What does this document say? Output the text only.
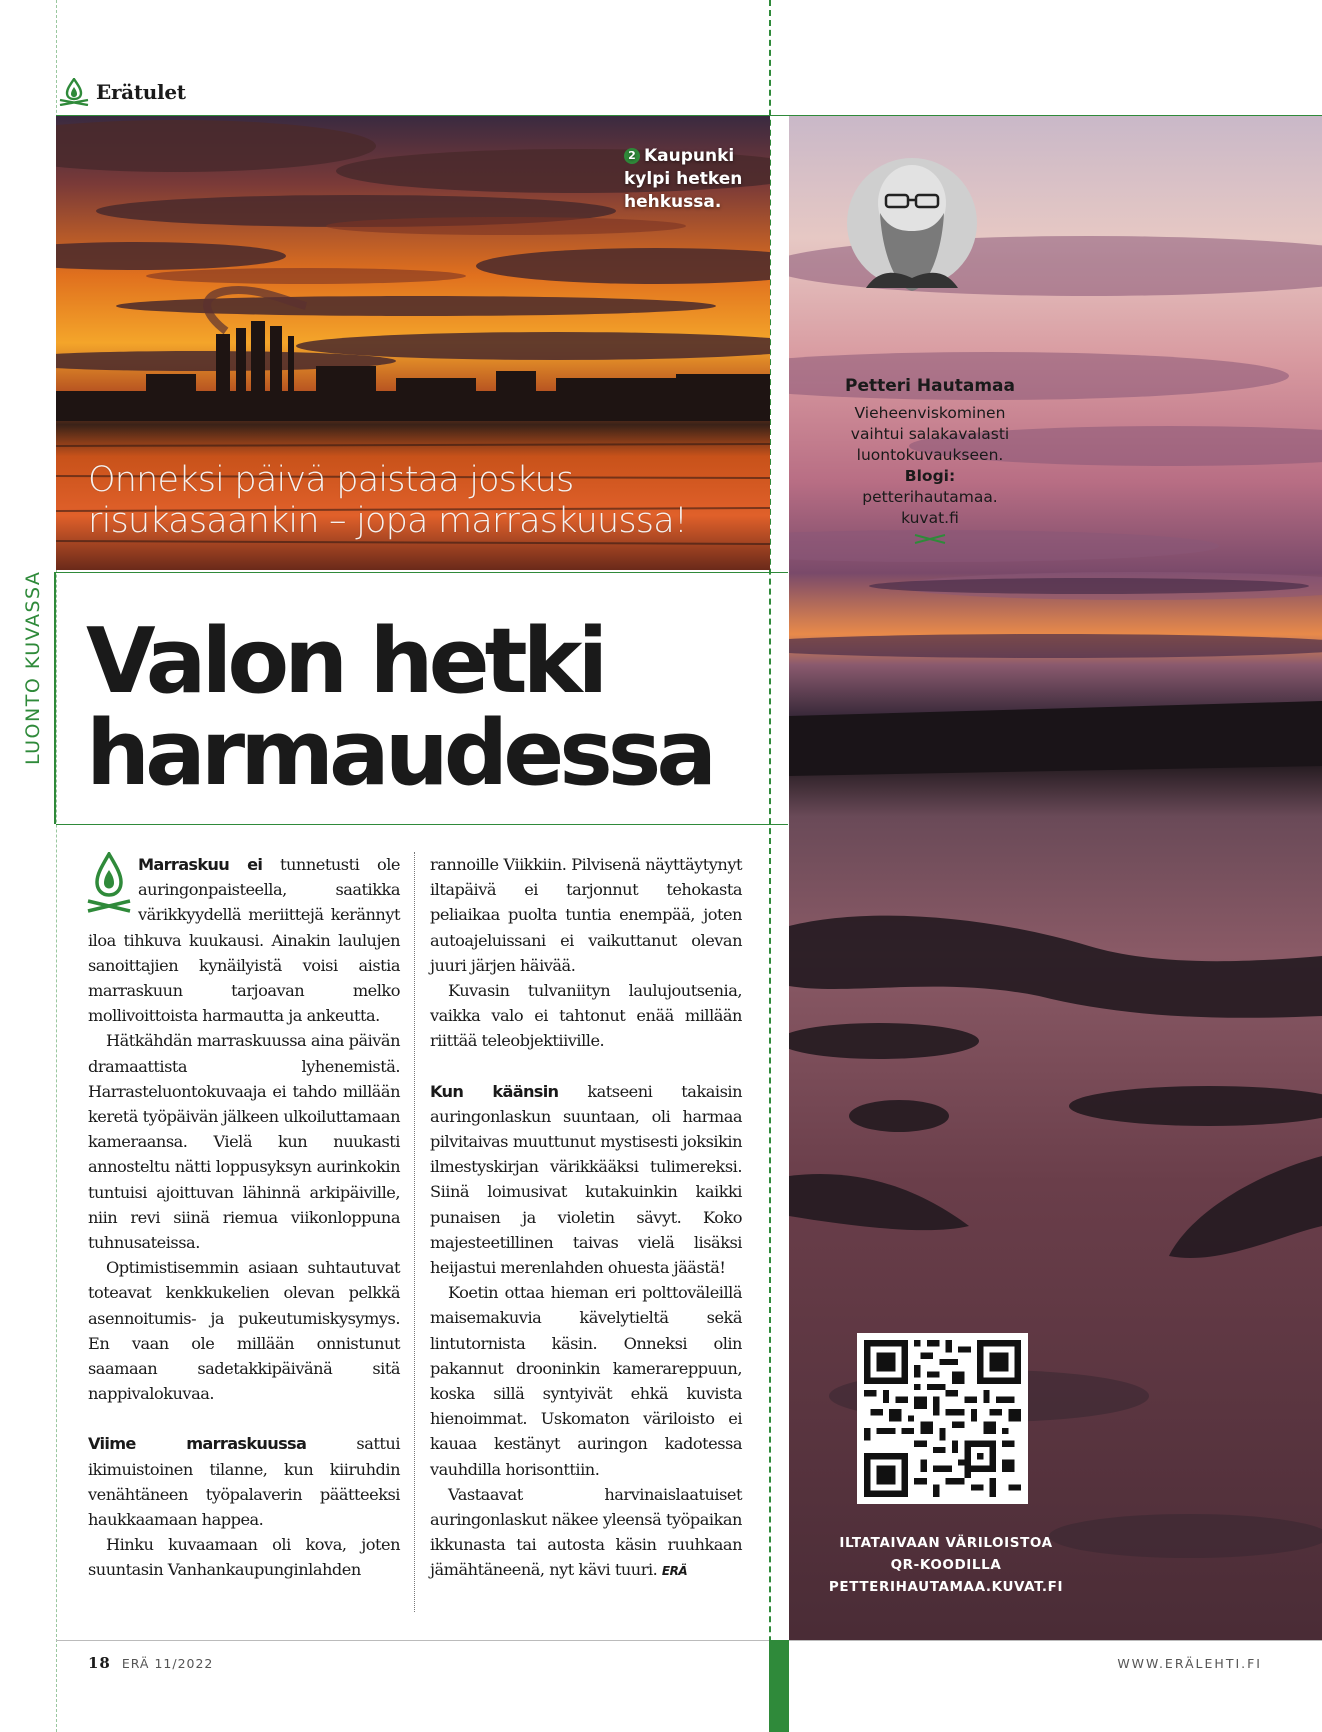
Erätulet
2 Kaupunki
kylpi hetken
hehkussa.
Onneksi päivä paistaa joskus
risukasaankin – jopa marraskuussa!
LUONTO KUVASSA Valon hetki
harmaudessa

Marraskuu ei tunnetusti ole auringonpaisteella, saatikka värikkyydellä meriittejä kerännyt iloa tihkuva kuukausi. Ainakin laulujen sanoittajien kynäilyistä voisi aistia marraskuun tarjoavan melko mollivoittoista harmautta ja ankeutta.

Hätkähdän marraskuussa aina päivän dramaattista lyhenemistä. Harrasteluontokuvaaja ei tahdo millään keretä työpäivän jälkeen ulkoiluttamaan kameraansa. Vielä kun nuukasti annosteltu nätti loppusyksyn aurinkokin tuntuisi ajoittuvan lähinnä arkipäiville, niin revi siinä riemua viikonloppuna tuhnusateissa.

Optimistisemmin asiaan suhtautuvat toteavat kenkkukelien olevan pelkkä asennoitumis- ja pukeutumiskysymys. En vaan ole millään onnistunut saamaan sadetakkipäivänä sitä nappivalokuvaa.

Viime marraskuussa sattui ikimuistoinen tilanne, kun kiiruhdin venähtäneen työpalaverin päätteeksi haukkaamaan happea.

Hinku kuvaamaan oli kova, joten suuntasin Vanhankaupunginlahden

rannoille Viikkiin. Pilvisenä näyttäytynyt iltapäivä ei tarjonnut tehokasta peliaikaa puolta tuntia enempää, joten autoajeluissani ei vaikuttanut olevan juuri järjen häivää.

Kuvasin tulvaniityn laulujoutsenia, vaikka valo ei tahtonut enää millään riittää teleobjektiiville.

Kun käänsin katseeni takaisin auringonlaskun suuntaan, oli harmaa pilvitaivas muuttunut mystisesti joksikin ilmestyskirjan värikkääksi tulimereksi. Siinä loimusivat kutakuinkin kaikki punaisen ja violetin sävyt. Koko majesteetillinen taivas vielä lisäksi heijastui merenlahden ohuesta jäästä!

Koetin ottaa hieman eri polttoväleillä maisemakuvia kävelytieltä sekä lintutornista käsin. Onneksi olin pakannut drooninkin kamerareppuun, koska sillä syntyivät ehkä kuvista hienoimmat. Uskomaton väriloisto ei kauaa kestänyt auringon kadotessa vauhdilla horisonttiin.

Vastaavat harvinaislaatuiset auringonlaskut näkee yleensä työpaikan ikkunasta tai autosta käsin ruuhkaan jämähtäneenä, nyt kävi tuuri. ERÄ

Petteri Hautamaa
Vieheenviskominen
vaihtui salakavalasti
luontokuvaukseen.
Blogi:
petterihautamaa.
kuvat.fi
ILTATAIVAAN VÄRILOISTOA
QR-KOODILLA
PETTERIHAUTAMAA.KUVAT.FI
18 ERÄ 11/2022	WWW.ERÄLEHTI.FI
